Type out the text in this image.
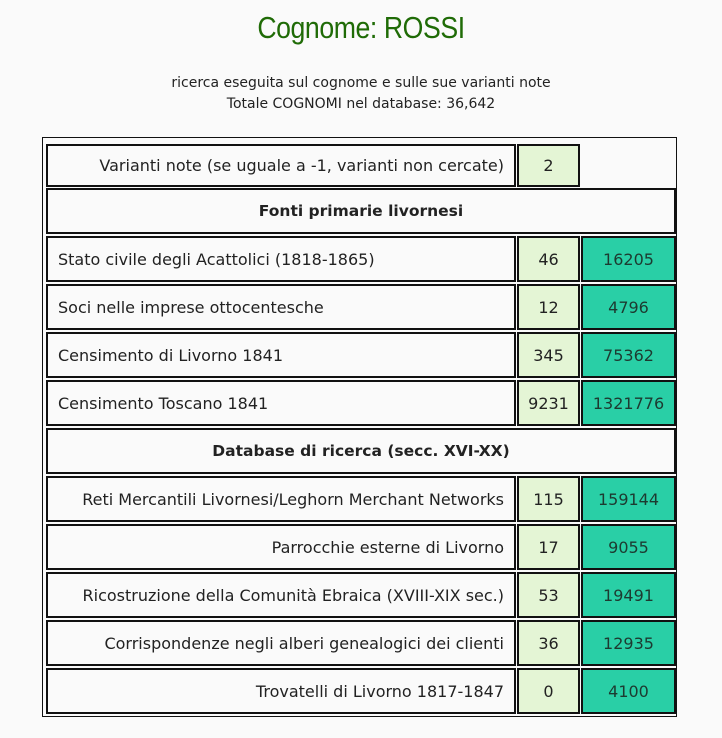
Cognome: ROSSI
ricerca eseguita sul cognome e sulle sue varianti note
Totale COGNOMI nel database: 36,642
Varianti note (se uguale a -1, varianti non cercate)	2
Fonti primarie livornesi
Stato civile degli Acattolici (1818-1865)	46	16205
Soci nelle imprese ottocentesche	12	4796
Censimento di Livorno 1841	345	75362
Censimento Toscano 1841	9231	1321776
Database di ricerca (secc. XVI-XX)
Reti Mercantili Livornesi/Leghorn Merchant Networks	115	159144
Parrocchie esterne di Livorno	17	9055
Ricostruzione della Comunità Ebraica (XVIII-XIX sec.)	53	19491
Corrispondenze negli alberi genealogici dei clienti	36	12935
Trovatelli di Livorno 1817-1847	0	4100
